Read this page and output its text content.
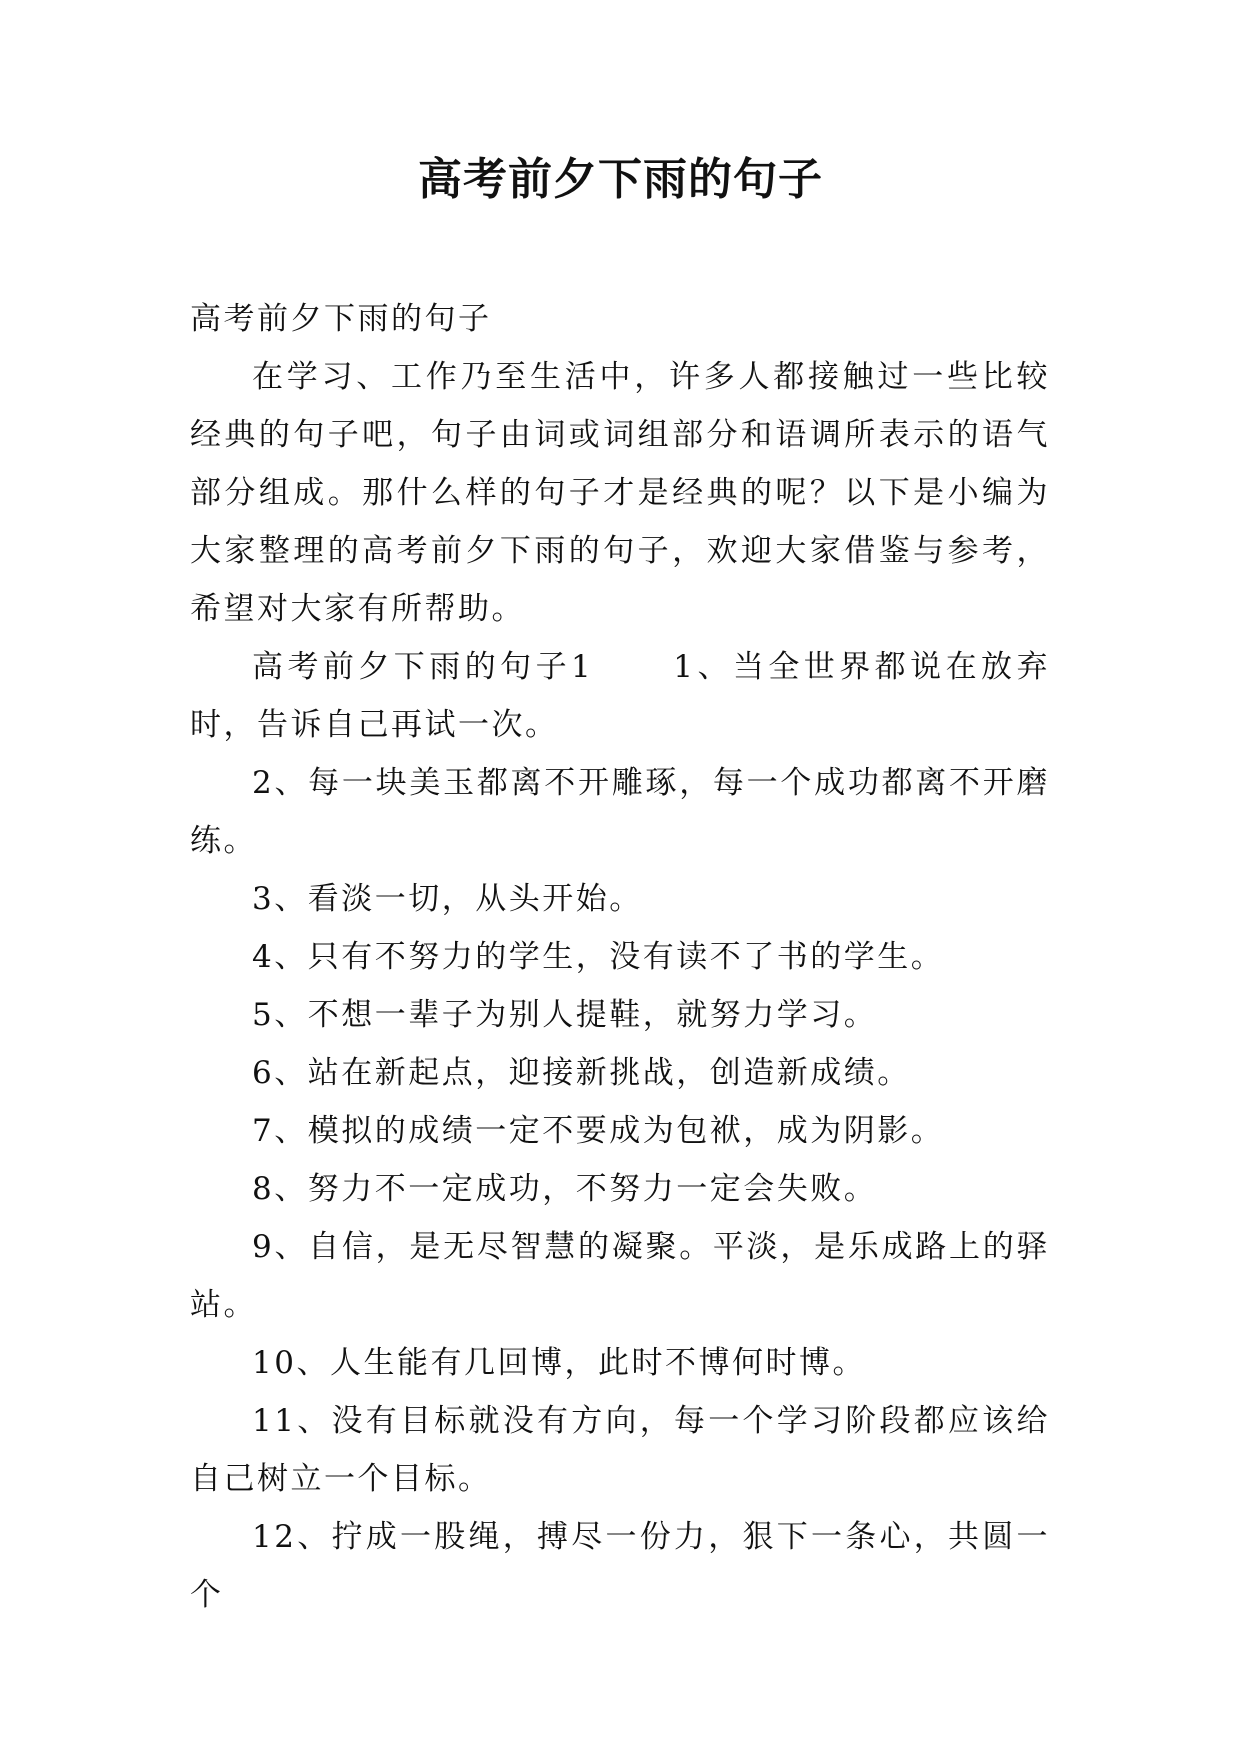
高考前夕下雨的句子

高考前夕下雨的句子

在学习、工作乃至生活中，许多人都接触过一些比较经典的句子吧，句子由词或词组部分和语调所表示的语气部分组成。那什么样的句子才是经典的呢？以下是小编为大家整理的高考前夕下雨的句子，欢迎大家借鉴与参考，希望对大家有所帮助。

高考前夕下雨的句子1	1、当全世界都说在放弃时，告诉自己再试一次。

2、每一块美玉都离不开雕琢，每一个成功都离不开磨练。

3、看淡一切，从头开始。

4、只有不努力的学生，没有读不了书的学生。

5、不想一辈子为别人提鞋，就努力学习。

6、站在新起点，迎接新挑战，创造新成绩。

7、模拟的成绩一定不要成为包袱，成为阴影。

8、努力不一定成功，不努力一定会失败。

9、自信，是无尽智慧的凝聚。平淡，是乐成路上的驿站。

10、人生能有几回博，此时不博何时博。

11、没有目标就没有方向，每一个学习阶段都应该给自己树立一个目标。

12、拧成一股绳，搏尽一份力，狠下一条心，共圆一个
